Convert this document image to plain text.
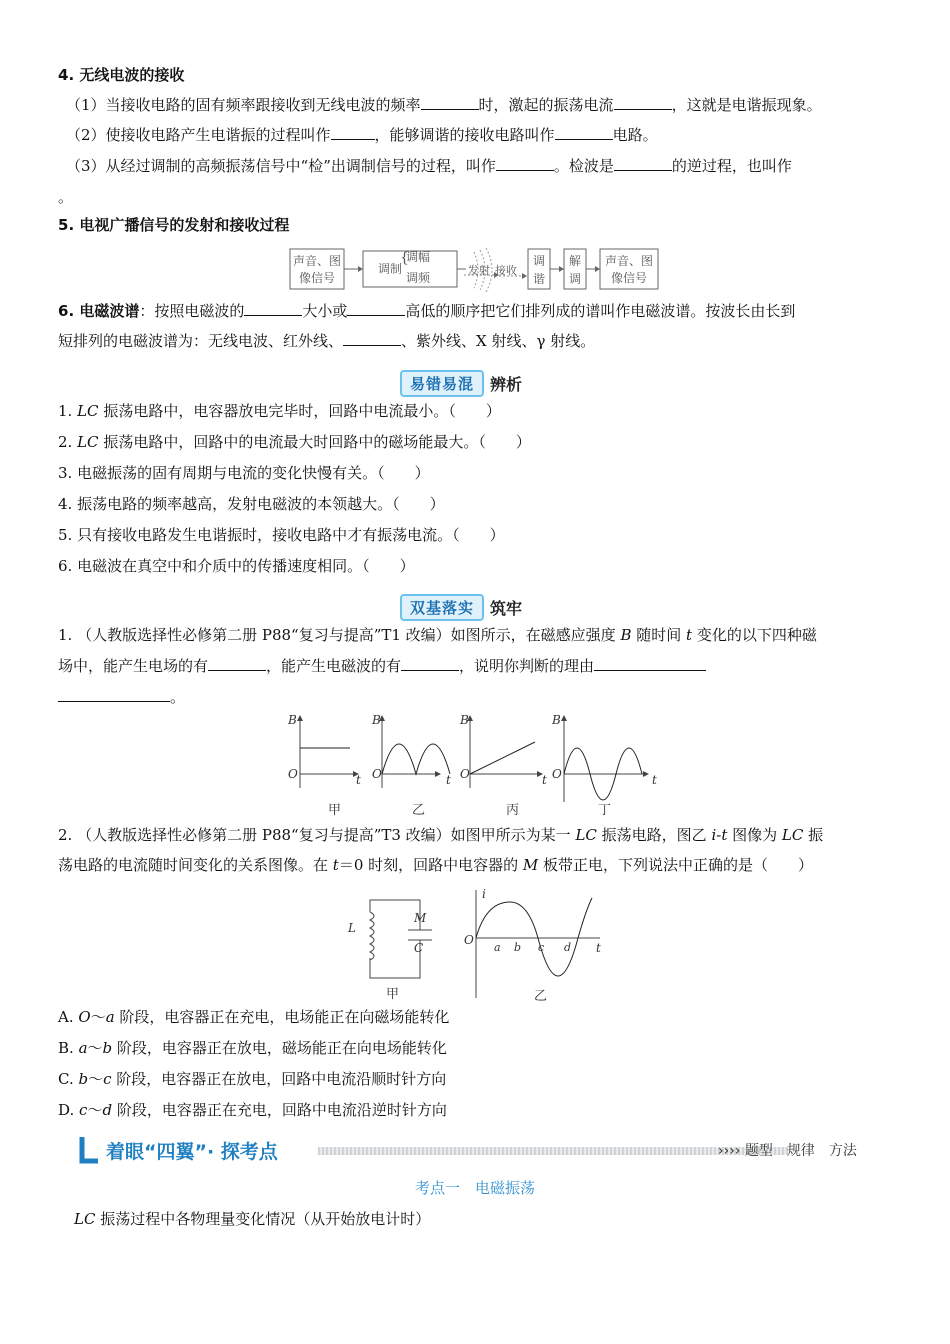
4. 无线电波的接收
（1）当接收电路的固有频率跟接收到无线电波的频率	时，激起的振荡电流	，这就是电谐振现象。
（2）使接收电路产生电谐振的过程叫作	，能够调谐的接收电路叫作	电路。
（3）从经过调制的高频振荡信号中“检”出调制信号的过程，叫作	。检波是	的逆过程，也叫作
。
5. 电视广播信号的发射和接收过程
声音、图
像信号
调制
{
调幅
调频
发射 接收
调
谐
解
调
声音、图
像信号
6. 电磁波谱：按照电磁波的	大小或	高低的顺序把它们排列成的谱叫作电磁波谱。按波长由长到
短排列的电磁波谱为：无线电波、红外线、	、紫外线、X 射线、γ 射线。
易错易混	辨析
1. LC 振荡电路中，电容器放电完毕时，回路中电流最小。（　　）
2. LC 振荡电路中，回路中的电流最大时回路中的磁场能最大。（　　）
3. 电磁振荡的固有周期与电流的变化快慢有关。（　　）
4. 振荡电路的频率越高，发射电磁波的本领越大。（　　）
5. 只有接收电路发生电谐振时，接收电路中才有振荡电流。（　　）
6. 电磁波在真空中和介质中的传播速度相同。（　　）
双基落实	筑牢
1. （人教版选择性必修第二册 P88“复习与提高”T1 改编）如图所示，在磁感应强度 B 随时间 t 变化的以下四种磁
场中，能产生电场的有	，能产生电磁波的有	，说明你判断的理由
。
B
O	t
B
O	t
B
O	t
B
O	t
甲	乙	丙	丁
2. （人教版选择性必修第二册 P88“复习与提高”T3 改编）如图甲所示为某一 LC 振荡电路，图乙 i-t 图像为 LC 振
荡电路的电流随时间变化的关系图像。在 t＝0 时刻，回路中电容器的 M 板带正电，下列说法中正确的是（　　）
L
M
C
i
O
t
a b c d
甲	乙
A. O～a 阶段，电容器正在充电，电场能正在向磁场能转化
B. a～b 阶段，电容器正在放电，磁场能正在向电场能转化
C. b～c 阶段，电容器正在放电，回路中电流沿顺时针方向
D. c～d 阶段，电容器正在充电，回路中电流沿逆时针方向
着眼“四翼”· 探考点	›››› 题型　规律　方法
考点一　电磁振荡
LC 振荡过程中各物理量变化情况（从开始放电计时）
